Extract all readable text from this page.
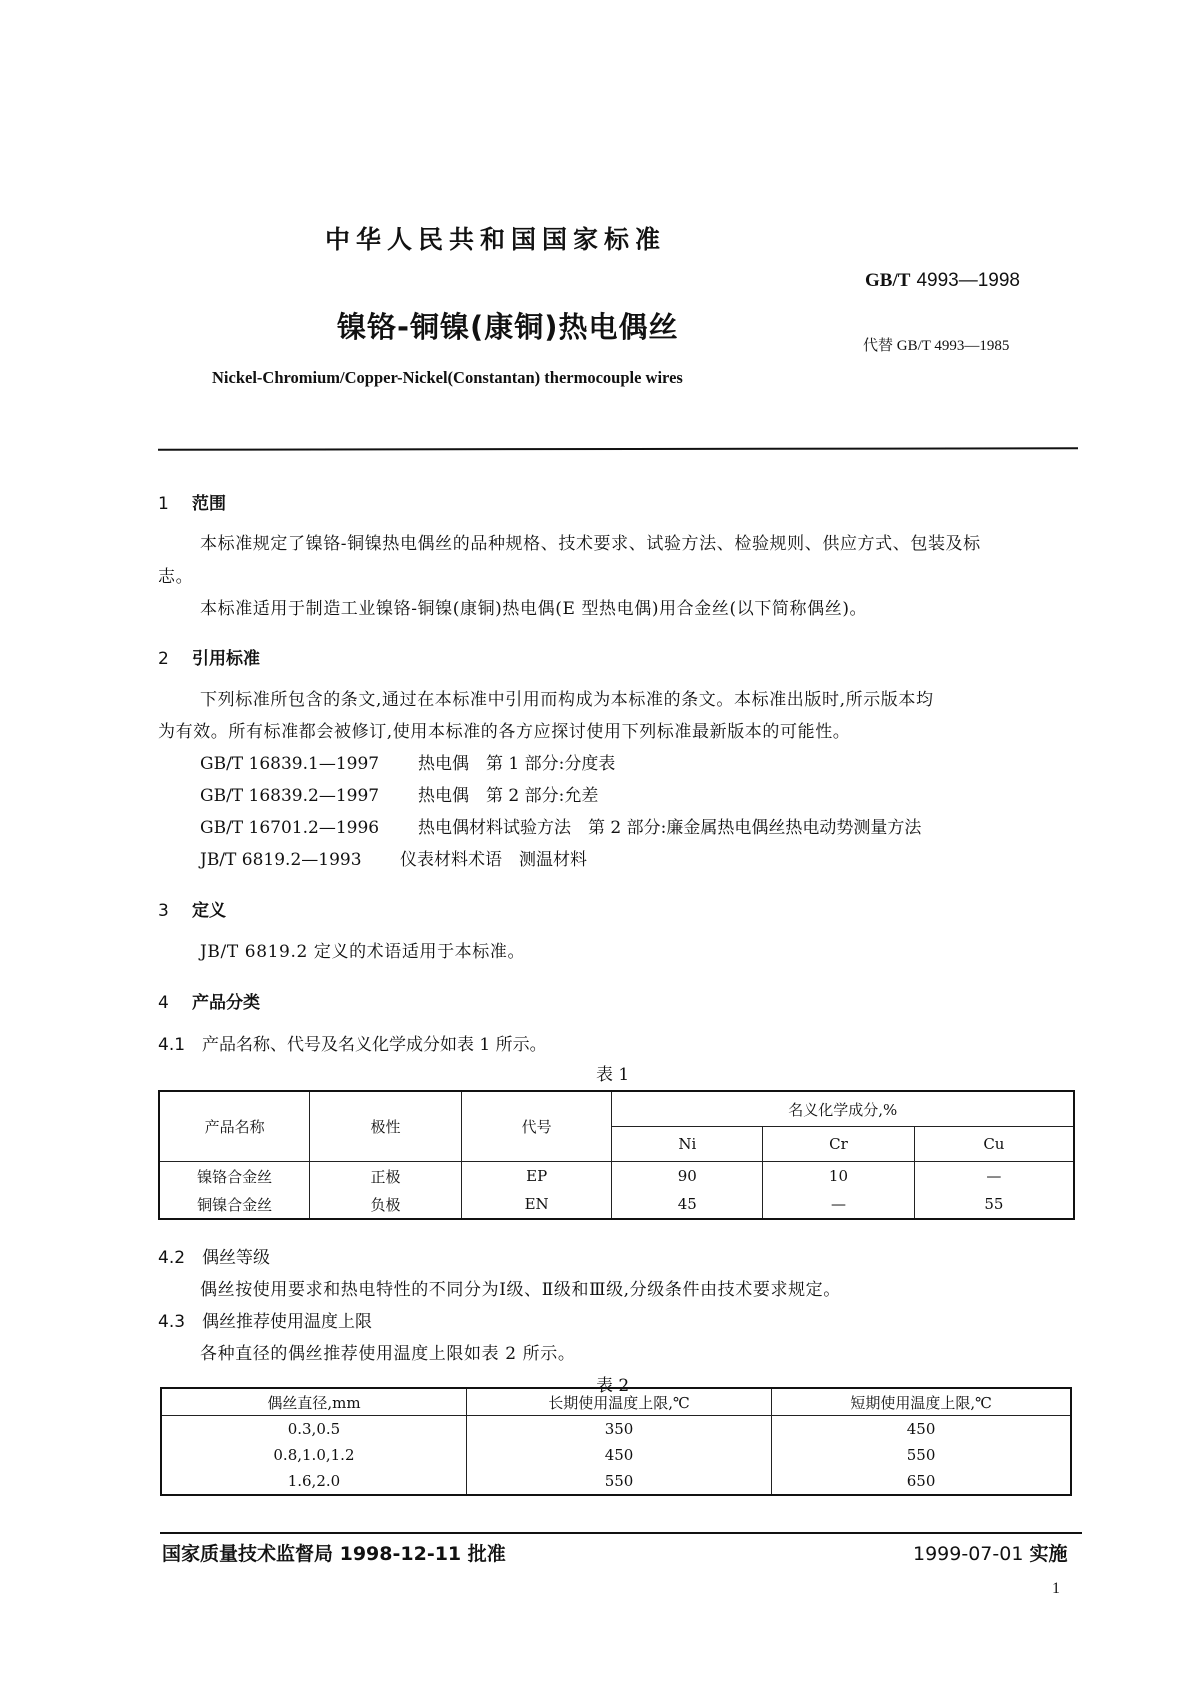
中华人民共和国国家标准
GB/T 4993—1998
镍铬-铜镍(康铜)热电偶丝
代替 GB/T 4993—1985
Nickel-Chromium/Copper-Nickel(Constantan) thermocouple wires
1 范围
本标准规定了镍铬-铜镍热电偶丝的品种规格、技术要求、试验方法、检验规则、供应方式、包装及标
志。
本标准适用于制造工业镍铬-铜镍(康铜)热电偶(E 型热电偶)用合金丝(以下简称偶丝)。
2 引用标准
下列标准所包含的条文,通过在本标准中引用而构成为本标准的条文。本标准出版时,所示版本均
为有效。所有标准都会被修订,使用本标准的各方应探讨使用下列标准最新版本的可能性。
GB/T 16839.1—1997 热电偶　第 1 部分:分度表
GB/T 16839.2—1997 热电偶　第 2 部分:允差
GB/T 16701.2—1996 热电偶材料试验方法　第 2 部分:廉金属热电偶丝热电动势测量方法
JB/T 6819.2—1993 仪表材料术语　测温材料
3 定义
JB/T 6819.2 定义的术语适用于本标准。
4 产品分类
4.1 产品名称、代号及名义化学成分如表 1 所示。
表 1
产品名称	极性	代号	名义化学成分,%		
			Ni	Cr	Cu
镍铬合金丝	正极	EP	90	10	—
铜镍合金丝	负极	EN	45	—	55
4.2 偶丝等级
偶丝按使用要求和热电特性的不同分为Ⅰ级、Ⅱ级和Ⅲ级,分级条件由技术要求规定。
4.3 偶丝推荐使用温度上限
各种直径的偶丝推荐使用温度上限如表 2 所示。
表 2
偶丝直径,mm	长期使用温度上限,℃	短期使用温度上限,℃
0.3,0.5	350	450
0.8,1.0,1.2	450	550
1.6,2.0	550	650
国家质量技术监督局 1998-12-11 批准	1999-07-01 实施
1
